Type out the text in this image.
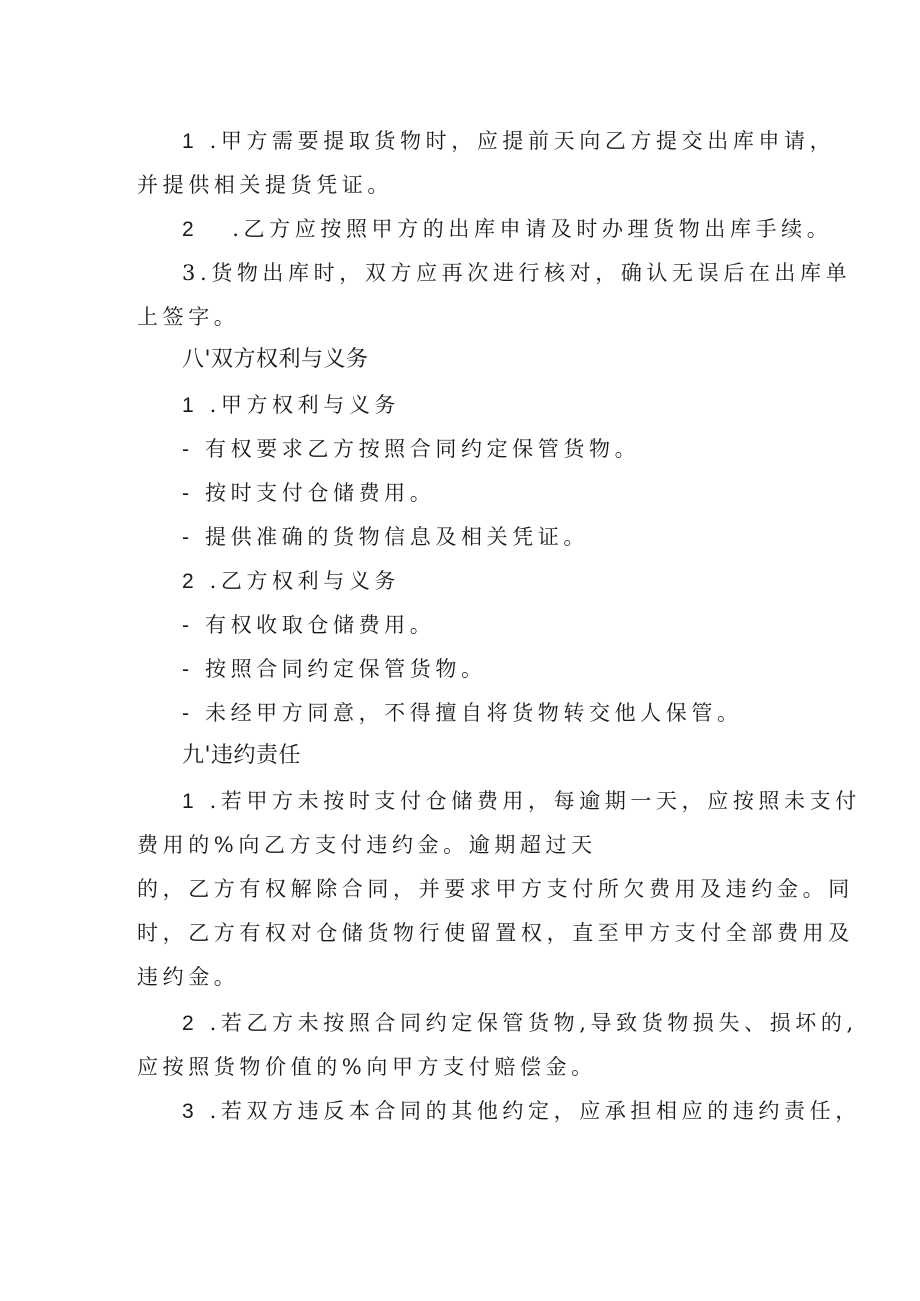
1 .甲方需要提取货物时，应提前天向乙方提交出库申请，
并提供相关提货凭证。
2 .乙方应按照甲方的出库申请及时办理货物出库手续。
3.货物出库时，双方应再次进行核对，确认无误后在出库单
上签字。
八'双方权利与义务
1 .甲方权利与义务
- 有权要求乙方按照合同约定保管货物。
- 按时支付仓储费用。
- 提供准确的货物信息及相关凭证。
2 .乙方权利与义务
- 有权收取仓储费用。
- 按照合同约定保管货物。
- 未经甲方同意，不得擅自将货物转交他人保管。
九'违约责任
1 .若甲方未按时支付仓储费用，每逾期一天，应按照未支付
费用的%向乙方支付违约金。逾期超过天
的，乙方有权解除合同，并要求甲方支付所欠费用及违约金。同
时，乙方有权对仓储货物行使留置权，直至甲方支付全部费用及
违约金。
2 .若乙方未按照合同约定保管货物,导致货物损失、损坏的,
应按照货物价值的%向甲方支付赔偿金。
3 .若双方违反本合同的其他约定，应承担相应的违约责任，
